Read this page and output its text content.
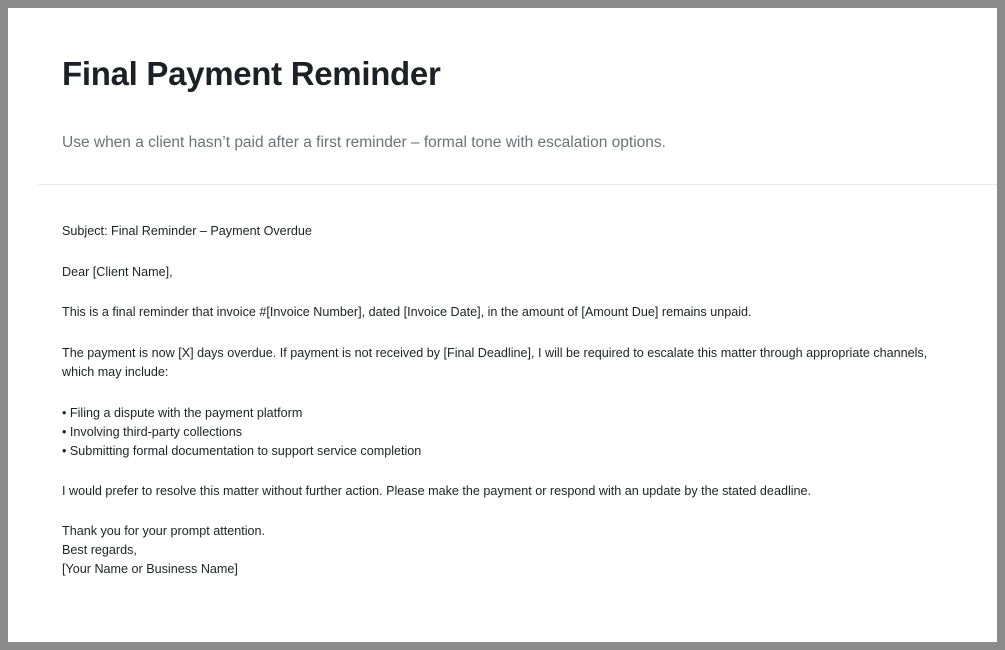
Final Payment Reminder

Use when a client hasn’t paid after a first reminder – formal tone with escalation options.

Subject: Final Reminder – Payment Overdue

Dear [Client Name],

This is a final reminder that invoice #[Invoice Number], dated [Invoice Date], in the amount of [Amount Due] remains unpaid.

The payment is now [X] days overdue. If payment is not received by [Final Deadline], I will be required to escalate this matter through appropriate channels, which may include:

• Filing a dispute with the payment platform

• Involving third-party collections

• Submitting formal documentation to support service completion

I would prefer to resolve this matter without further action. Please make the payment or respond with an update by the stated deadline.

Thank you for your prompt attention.

Best regards,

[Your Name or Business Name]
